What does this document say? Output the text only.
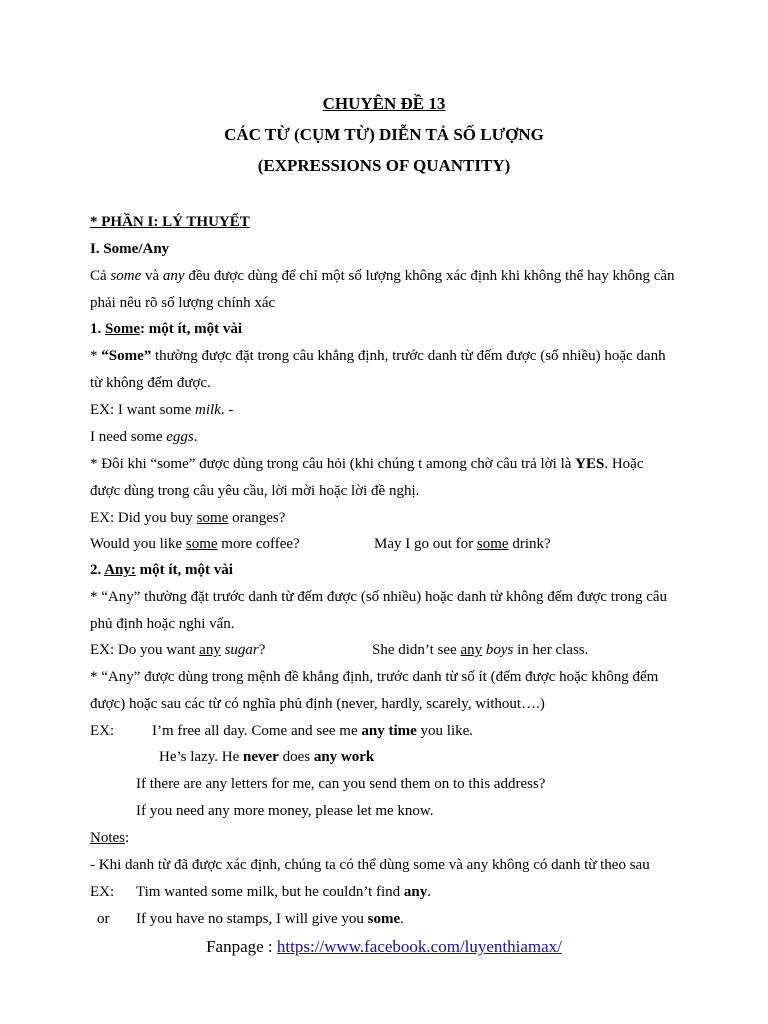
CHUYÊN ĐỀ 13
CÁC TỪ (CỤM TỪ) DIỄN TẢ SỐ LƯỢNG
(EXPRESSIONS OF QUANTITY)
* PHẦN I: LÝ THUYẾT
I. Some/Any
Cả some và any đều được dùng để chỉ một số lượng không xác định khi không thể hay không cần
phải nêu rõ số lượng chính xác
1. Some: một ít, một vài
* “Some” thường được đặt trong câu khẳng định, trước danh từ đếm được (số nhiều) hoặc danh
từ không đếm được.
EX: I want some milk. -
I need some eggs.
* Đôi khi “some” được dùng trong câu hỏi (khi chúng t among chờ câu trả lời là YES. Hoặc
được dùng trong câu yêu cầu, lời mời hoặc lời đề nghị.
EX: Did you buy some oranges?
Would you like some more coffee?	May I go out for some drink?
2. Any: một ít, một vài
* “Any” thường đặt trước danh từ đếm được (số nhiều) hoặc danh từ không đếm được trong câu
phủ định hoặc nghi vấn.
EX: Do you want any sugar?	She didn’t see any boys in her class.
* “Any” được dùng trong mệnh đề khẳng định, trước danh từ số ít (đếm được hoặc không đếm
được) hoặc sau các từ có nghĩa phủ định (never, hardly, scarely, without….)
EX:	I’m free all day. Come and see me any time you like.
He’s lazy. He never does any work
If there are any letters for me, can you send them on to this address?
If you need any more money, please let me know.
Notes:
- Khi danh từ đã được xác định, chúng ta có thể dùng some và any không có danh từ theo sau
EX: Tim wanted some milk, but he couldn’t find any.
or If you have no stamps, I will give you some.
Fanpage : https://www.facebook.com/luyenthiamax/
